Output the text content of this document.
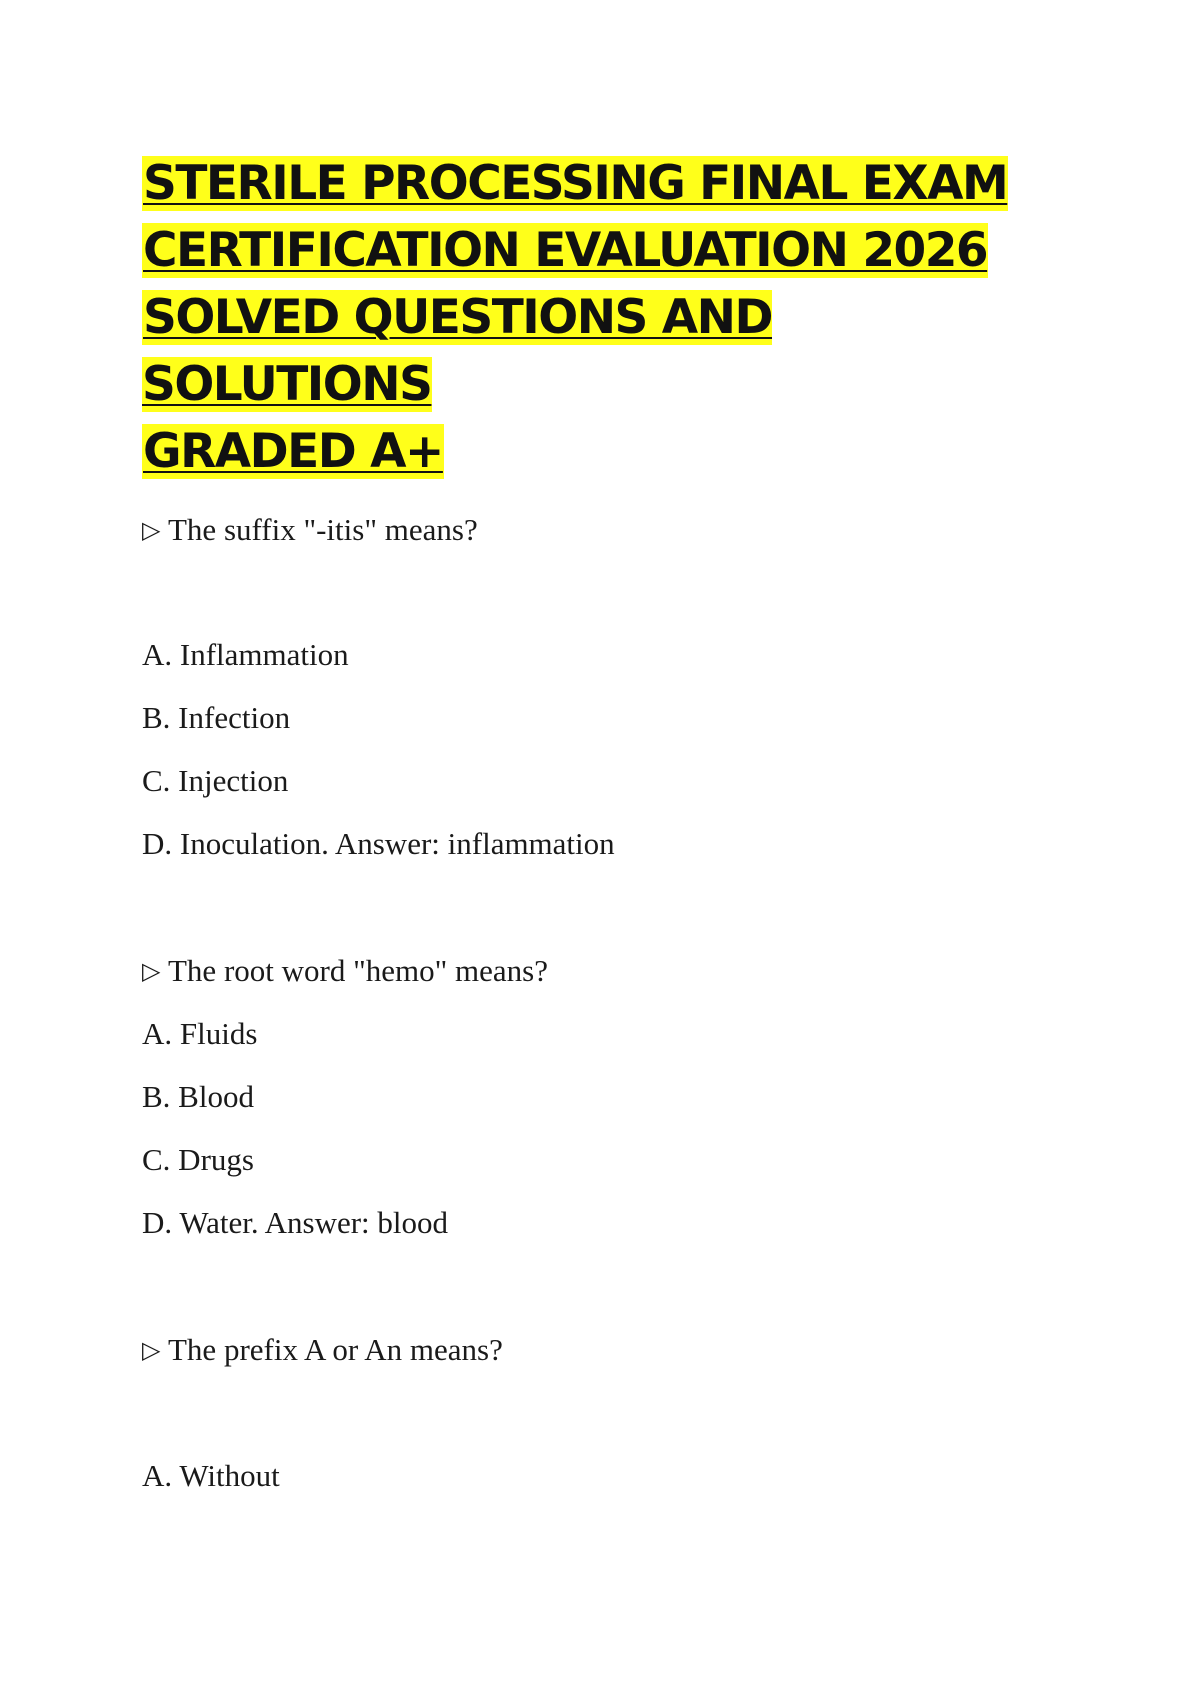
STERILE PROCESSING FINAL EXAM
CERTIFICATION EVALUATION 2026
SOLVED QUESTIONS AND SOLUTIONS
GRADED A+
▷ The suffix "-itis" means?
A. Inflammation
B. Infection
C. Injection
D. Inoculation. Answer: inflammation
▷ The root word "hemo" means?
A. Fluids
B. Blood
C. Drugs
D. Water. Answer: blood
▷ The prefix A or An means?
A. Without
